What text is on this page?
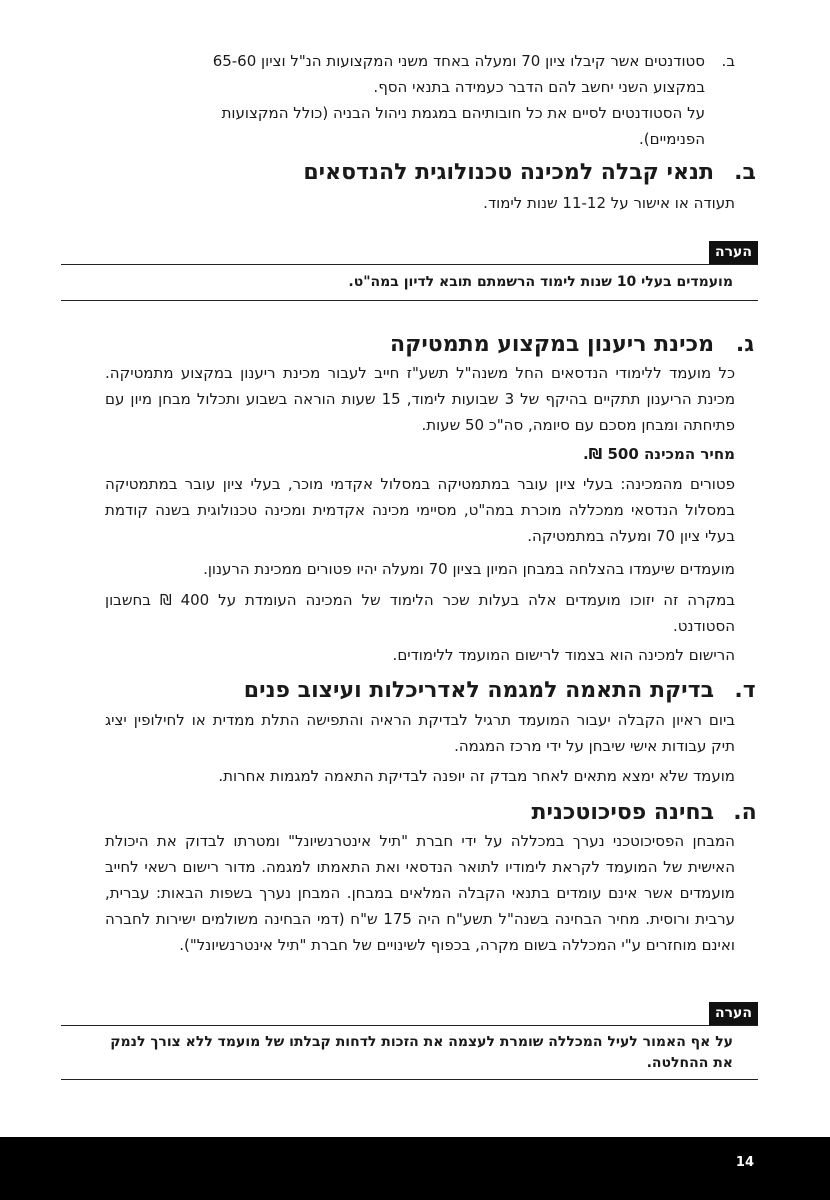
ב.
סטודנטים אשר קיבלו ציון 70 ומעלה באחד משני המקצועות הנ"ל וציון 65-60
במקצוע השני יחשב להם הדבר כעמידה בתנאי הסף.
על הסטודנטים לסיים את כל חובותיהם במגמת ניהול הבניה (כולל המקצועות
הפנימיים).
ב.
תנאי קבלה למכינה טכנולוגית להנדסאים

תעודה או אישור על 11-12 שנות לימוד.

הערה
מועמדים בעלי 10 שנות לימוד הרשמתם תובא לדיון במה"ט.
ג.
מכינת ריענון במקצוע מתמטיקה

כל מועמד ללימודי הנדסאים החל משנה"ל תשע"ז חייב לעבור מכינת ריענון במקצוע מתמטיקה. מכינת הריענון תתקיים בהיקף של 3 שבועות לימוד, 15 שעות הוראה בשבוע ותכלול מבחן מיון עם פתיחתה ומבחן מסכם עם סיומה, סה"כ 50 שעות.

מחיר המכינה 500 ₪.

פטורים מהמכינה: בעלי ציון עובר במתמטיקה במסלול אקדמי מוכר, בעלי ציון עובר במתמטיקה במסלול הנדסאי ממכללה מוכרת במה"ט, מסיימי מכינה אקדמית ומכינה טכנולוגית בשנה קודמת בעלי ציון 70 ומעלה במתמטיקה.

מועמדים שיעמדו בהצלחה במבחן המיון בציון 70 ומעלה יהיו פטורים ממכינת הרענון.

במקרה זה יזוכו מועמדים אלה בעלות שכר הלימוד של המכינה העומדת על 400 ₪ בחשבון הסטודנט.

הרישום למכינה הוא בצמוד לרישום המועמד ללימודים.

ד.
בדיקת התאמה למגמה לאדריכלות ועיצוב פנים

ביום ראיון הקבלה יעבור המועמד תרגיל לבדיקת הראיה והתפישה התלת ממדית או לחילופין יציג תיק עבודות אישי שיבחן על ידי מרכז המגמה.

מועמד שלא ימצא מתאים לאחר מבדק זה יופנה לבדיקת התאמה למגמות אחרות.

ה.
בחינה פסיכוטכנית

המבחן הפסיכוטכני נערך במכללה על ידי חברת "תיל אינטרנשיונל" ומטרתו לבדוק את היכולת האישית של המועמד לקראת לימודיו לתואר הנדסאי ואת התאמתו למגמה. מדור רישום רשאי לחייב מועמדים אשר אינם עומדים בתנאי הקבלה המלאים במבחן. המבחן נערך בשפות הבאות: עברית, ערבית ורוסית. מחיר הבחינה בשנה"ל תשע"ח היה 175 ש"ח (דמי הבחינה משולמים ישירות לחברה ואינם מוחזרים ע"י המכללה בשום מקרה, בכפוף לשינויים של חברת "תיל אינטרנשיונל").

הערה
על אף האמור לעיל המכללה שומרת לעצמה את הזכות לדחות קבלתו של מועמד ללא צורך לנמק את ההחלטה.
14
